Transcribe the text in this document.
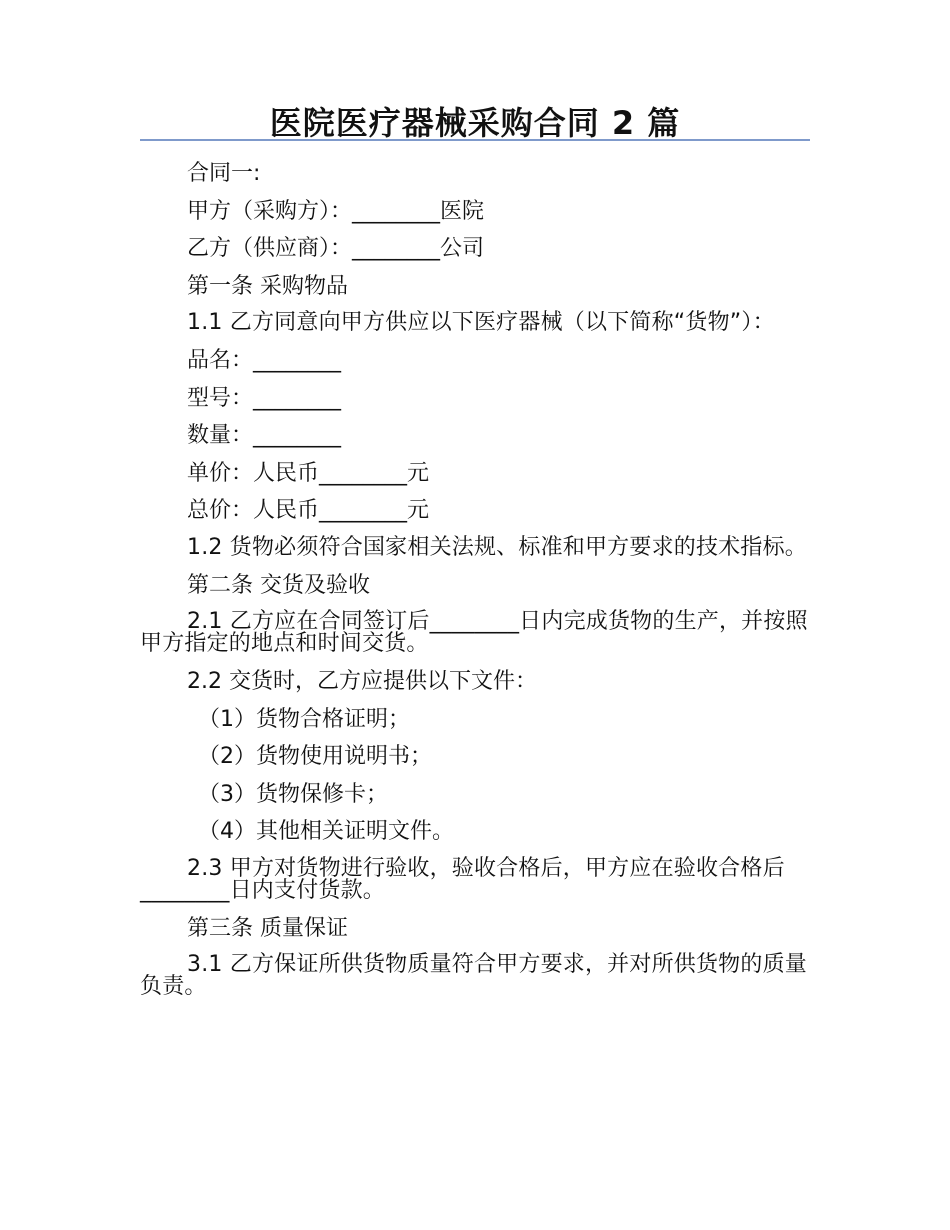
医院医疗器械采购合同 2 篇

合同一:

甲方（采购方）：________医院

乙方（供应商）：________公司

第一条 采购物品

1.1 乙方同意向甲方供应以下医疗器械（以下简称“货物”）：

品名：________

型号：________

数量：________

单价：人民币________元

总价：人民币________元

1.2 货物必须符合国家相关法规、标准和甲方要求的技术指标。

第二条 交货及验收

2.1 乙方应在合同签订后________日内完成货物的生产，并按照甲方指定的地点和时间交货。

2.2 交货时，乙方应提供以下文件：

（1）货物合格证明；

（2）货物使用说明书；

（3）货物保修卡；

（4）其他相关证明文件。

2.3 甲方对货物进行验收，验收合格后，甲方应在验收合格后________日内支付货款。

第三条 质量保证

3.1 乙方保证所供货物质量符合甲方要求，并对所供货物的质量负责。
